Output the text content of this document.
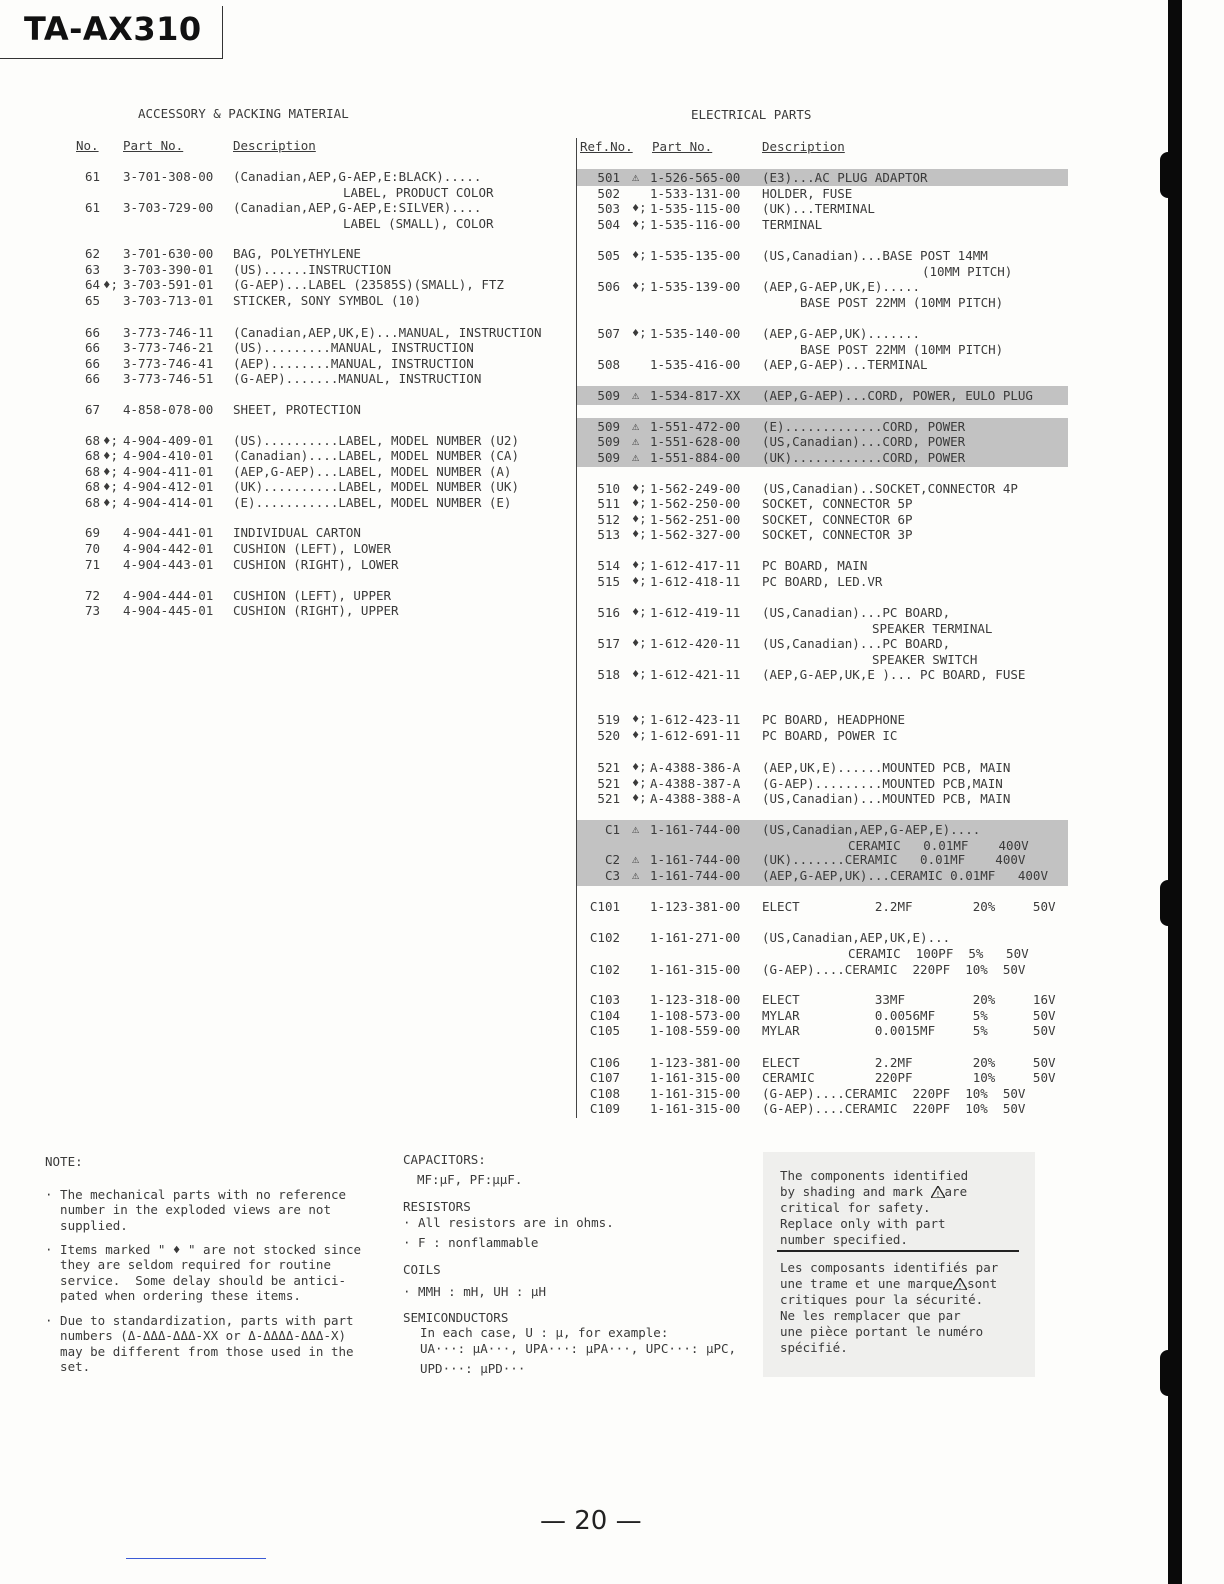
TA-AX310
ACCESSORY & PACKING MATERIAL
No. Part No.	Description
61 3-701-308-00 (Canadian,AEP,G-AEP,E:BLACK).....
LABEL, PRODUCT COLOR
61 3-703-729-00 (Canadian,AEP,G-AEP,E:SILVER)....
LABEL (SMALL), COLOR
62 3-701-630-00 BAG, POLYETHYLENE
63 3-703-390-01 (US)......INSTRUCTION
64 ♦; 3-703-591-01 (G-AEP)...LABEL (23585S)(SMALL), FTZ
65 3-703-713-01 STICKER, SONY SYMBOL (10)
66 3-773-746-11 (Canadian,AEP,UK,E)...MANUAL, INSTRUCTION
66 3-773-746-21 (US).........MANUAL, INSTRUCTION
66 3-773-746-41 (AEP)........MANUAL, INSTRUCTION
66 3-773-746-51 (G-AEP).......MANUAL, INSTRUCTION
67 4-858-078-00 SHEET, PROTECTION
68 ♦; 4-904-409-01 (US)..........LABEL, MODEL NUMBER (U2)
68 ♦; 4-904-410-01 (Canadian)....LABEL, MODEL NUMBER (CA)
68 ♦; 4-904-411-01 (AEP,G-AEP)...LABEL, MODEL NUMBER (A)
68 ♦; 4-904-412-01 (UK)..........LABEL, MODEL NUMBER (UK)
68 ♦; 4-904-414-01 (E)...........LABEL, MODEL NUMBER (E)
69 4-904-441-01 INDIVIDUAL CARTON
70 4-904-442-01 CUSHION (LEFT), LOWER
71 4-904-443-01 CUSHION (RIGHT), LOWER
72 4-904-444-01 CUSHION (LEFT), UPPER
73 4-904-445-01 CUSHION (RIGHT), UPPER
ELECTRICAL PARTS
Ref.No. Part No.	Description
501 ⚠ 1-526-565-00 (E3)...AC PLUG ADAPTOR
502 1-533-131-00 HOLDER, FUSE
503 ♦; 1-535-115-00 (UK)...TERMINAL
504 ♦; 1-535-116-00 TERMINAL
505 ♦; 1-535-135-00 (US,Canadian)...BASE POST 14MM
(10MM PITCH)
506 ♦; 1-535-139-00 (AEP,G-AEP,UK,E).....
BASE POST 22MM (10MM PITCH)
507 ♦; 1-535-140-00 (AEP,G-AEP,UK).......
BASE POST 22MM (10MM PITCH)
508 1-535-416-00 (AEP,G-AEP)...TERMINAL
509 ⚠ 1-534-817-XX (AEP,G-AEP)...CORD, POWER, EULO PLUG
509 ⚠ 1-551-472-00 (E).............CORD, POWER
509 ⚠ 1-551-628-00 (US,Canadian)...CORD, POWER
509 ⚠ 1-551-884-00 (UK)............CORD, POWER
510 ♦; 1-562-249-00 (US,Canadian)..SOCKET,CONNECTOR 4P
511 ♦; 1-562-250-00 SOCKET, CONNECTOR 5P
512 ♦; 1-562-251-00 SOCKET, CONNECTOR 6P
513 ♦; 1-562-327-00 SOCKET, CONNECTOR 3P
514 ♦; 1-612-417-11 PC BOARD, MAIN
515 ♦; 1-612-418-11 PC BOARD, LED.VR
516 ♦; 1-612-419-11 (US,Canadian)...PC BOARD,
SPEAKER TERMINAL
517 ♦; 1-612-420-11 (US,Canadian)...PC BOARD,
SPEAKER SWITCH
518 ♦; 1-612-421-11 (AEP,G-AEP,UK,E )... PC BOARD, FUSE
519 ♦; 1-612-423-11 PC BOARD, HEADPHONE
520 ♦; 1-612-691-11 PC BOARD, POWER IC
521 ♦; A-4388-386-A (AEP,UK,E)......MOUNTED PCB, MAIN
521 ♦; A-4388-387-A (G-AEP).........MOUNTED PCB,MAIN
521 ♦; A-4388-388-A (US,Canadian)...MOUNTED PCB, MAIN
C1 ⚠ 1-161-744-00 (US,Canadian,AEP,G-AEP,E)....
CERAMIC   0.01MF    400V
C2 ⚠ 1-161-744-00 (UK).......CERAMIC   0.01MF    400V
C3 ⚠ 1-161-744-00 (AEP,G-AEP,UK)...CERAMIC 0.01MF   400V
C101 1-123-381-00 ELECT          2.2MF        20%     50V
C102 1-161-271-00 (US,Canadian,AEP,UK,E)...
CERAMIC  100PF  5%   50V
C102 1-161-315-00 (G-AEP)....CERAMIC  220PF  10%  50V
C103 1-123-318-00 ELECT          33MF         20%     16V
C104 1-108-573-00 MYLAR          0.0056MF     5%      50V
C105 1-108-559-00 MYLAR          0.0015MF     5%      50V
C106 1-123-381-00 ELECT          2.2MF        20%     50V
C107 1-161-315-00 CERAMIC        220PF        10%     50V
C108 1-161-315-00 (G-AEP)....CERAMIC  220PF  10%  50V
C109 1-161-315-00 (G-AEP)....CERAMIC  220PF  10%  50V
NOTE:

· The mechanical parts with no reference
number in the exploded views are not
supplied.

· Items marked " ♦ " are not stocked since
they are seldom required for routine
service.  Some delay should be antici-
pated when ordering these items.

· Due to standardization, parts with part
numbers (Δ-ΔΔΔ-ΔΔΔ-XX or Δ-ΔΔΔΔ-ΔΔΔ-X)
may be different from those used in the
set.
CAPACITORS:
MF:μF, PF:μμF.
RESISTORS
· All resistors are in ohms.
· F : nonflammable
COILS
· MMH : mH, UH : μH
SEMICONDUCTORS
In each case, U : μ, for example:
UA···: μA···, UPA···: μPA···, UPC···: μPC,
UPD···: μPD···
The components identified
by shading and mark ! are
critical for safety.
Replace only with part
number specified.
Les composants identifiés par
une trame et une marque ! sont
critiques pour la sécurité.
Ne les remplacer que par
une pièce portant le numéro
spécifié.
— 20 —
